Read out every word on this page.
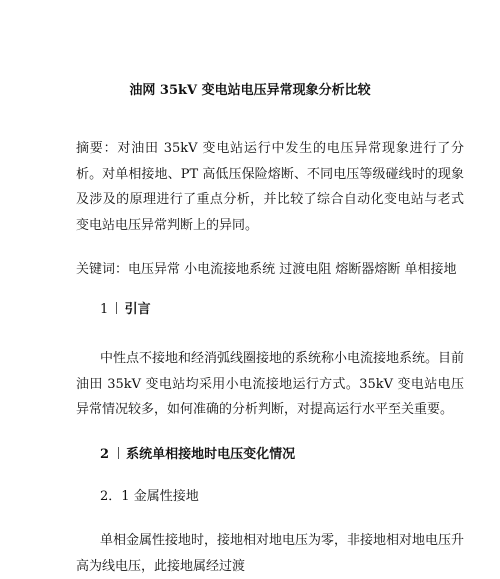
油网 35kV 变电站电压异常现象分析比较
摘要：对油田 35kV 变电站运行中发生的电压异常现象进行了分析。对单相接地、PT 高低压保险熔断、不同电压等级碰线时的现象及涉及的原理进行了重点分析，并比较了综合自动化变电站与老式变电站电压异常判断上的异同。
关键词：电压异常 小电流接地系统 过渡电阻 熔断器熔断 单相接地
1 引言
中性点不接地和经消弧线圈接地的系统称小电流接地系统。目前油田 35kV 变电站均采用小电流接地运行方式。35kV 变电站电压异常情况较多，如何准确的分析判断，对提高运行水平至关重要。
2 系统单相接地时电压变化情况
2．1 金属性接地
单相金属性接地时，接地相对地电压为零，非接地相对地电压升高为线电压，此接地属经过渡
